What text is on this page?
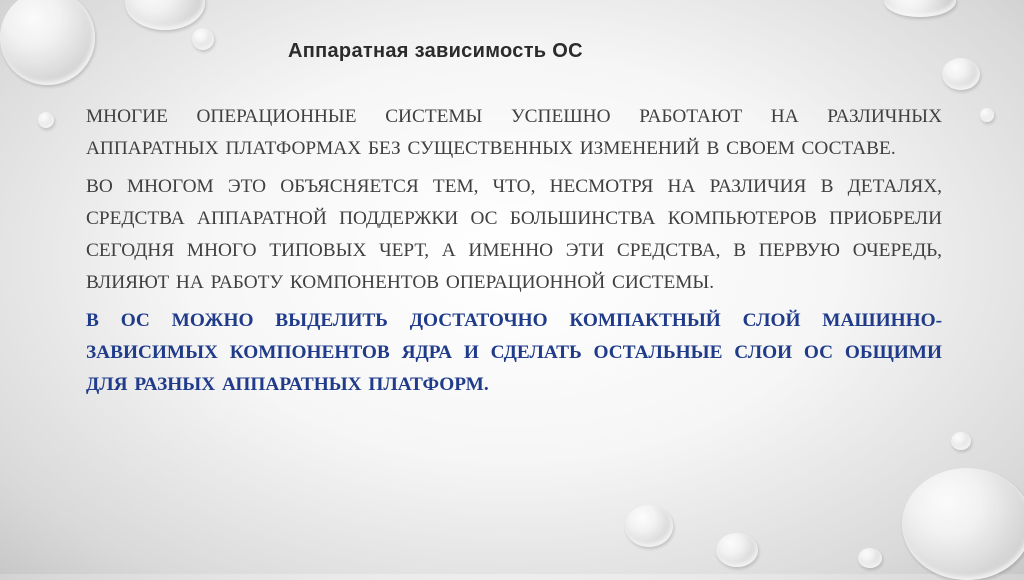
Аппаратная зависимость ОС

МНОГИЕ ОПЕРАЦИОННЫЕ СИСТЕМЫ УСПЕШНО РАБОТАЮТ НА РАЗЛИЧНЫХ АППАРАТНЫХ ПЛАТФОРМАХ БЕЗ СУЩЕСТВЕННЫХ ИЗМЕНЕНИЙ В СВОЕМ СОСТАВЕ.

ВО МНОГОМ ЭТО ОБЪЯСНЯЕТСЯ ТЕМ, ЧТО, НЕСМОТРЯ НА РАЗЛИЧИЯ В ДЕТАЛЯХ, СРЕДСТВА АППАРАТНОЙ ПОДДЕРЖКИ ОС БОЛЬШИНСТВА КОМПЬЮТЕРОВ ПРИОБРЕЛИ СЕГОДНЯ МНОГО ТИПОВЫХ ЧЕРТ, А ИМЕННО ЭТИ СРЕДСТВА, В ПЕРВУЮ ОЧЕРЕДЬ, ВЛИЯЮТ НА РАБОТУ КОМПОНЕНТОВ ОПЕРАЦИОННОЙ СИСТЕМЫ.

В ОС МОЖНО ВЫДЕЛИТЬ ДОСТАТОЧНО КОМПАКТНЫЙ СЛОЙ МАШИННО-ЗАВИСИМЫХ КОМПОНЕНТОВ ЯДРА И СДЕЛАТЬ ОСТАЛЬНЫЕ СЛОИ ОС ОБЩИМИ ДЛЯ РАЗНЫХ АППАРАТНЫХ ПЛАТФОРМ.
